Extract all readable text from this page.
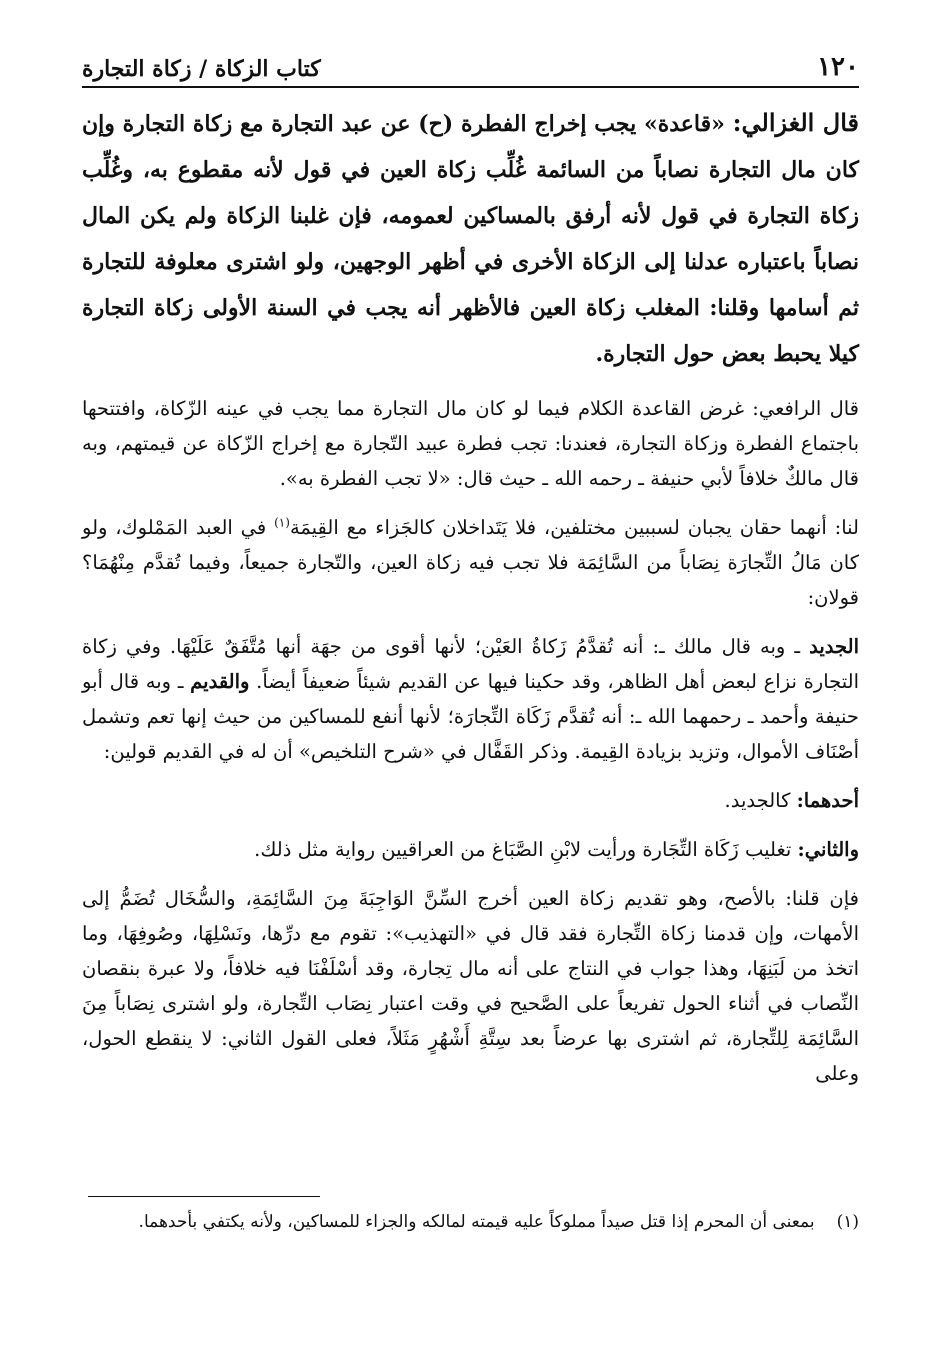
١٢٠
كتاب الزكاة / زكاة التجارة

قال الغزالي: «قاعدة» يجب إخراج الفطرة (ح) عن عبد التجارة مع زكاة التجارة وإن كان مال التجارة نصاباً من السائمة غُلِّب زكاة العين في قول لأنه مقطوع به، وغُلِّب زكاة التجارة في قول لأنه أرفق بالمساكين لعمومه، فإن غلبنا الزكاة ولم يكن المال نصاباً باعتباره عدلنا إلى الزكاة الأخرى في أظهر الوجهين، ولو اشترى معلوفة للتجارة ثم أسامها وقلنا: المغلب زكاة العين فالأظهر أنه يجب في السنة الأولى زكاة التجارة كيلا يحبط بعض حول التجارة.

قال الرافعي: غرض القاعدة الكلام فيما لو كان مال التجارة مما يجب في عينه الزّكاة، وافتتحها باجتماع الفطرة وزكاة التجارة، فعندنا: تجب فطرة عبيد التّجارة مع إخراج الزّكاة عن قيمتهم، وبه قال مالكٌ خلافاً لأبي حنيفة ـ رحمه الله ـ حيث قال: «لا تجب الفطرة به».

لنا: أنهما حقان يجبان لسببين مختلفين، فلا يَتَداخلان كالجَزاء مع القِيمَة$^{(١)}$ في العبد المَمْلوك، ولو كان مَالُ التِّجارَة نِصَاباً من السَّائِمَة فلا تجب فيه زكاة العين، والتّجارة جميعاً، وفيما تُقدَّم مِنْهُمَا؟ قولان:

الجديد ـ وبه قال مالك ـ: أنه تُقدَّمُ زَكاةُ العَيْن؛ لأنها أقوى من جهَة أنها مُتَّفَقٌ عَلَيْهَا. وفي زكاة التجارة نزاع لبعض أهل الظاهر، وقد حكينا فيها عن القديم شيئاً ضعيفاً أيضاً. والقديم ـ وبه قال أبو حنيفة وأحمد ـ رحمهما الله ـ: أنه تُقدَّم زَكَاة التِّجارَة؛ لأنها أنفع للمساكين من حيث إنها تعم وتشمل أصْنَاف الأموال، وتزيد بزيادة القِيمة. وذكر القَفَّال في «شرح التلخيص» أن له في القديم قولين:

أحدهما: كالجديد.

والثاني: تغليب زَكَاة التِّجَارة ورأيت لابْنِ الصَّبَاغ من العراقيين رواية مثل ذلك.

فإن قلنا: بالأصح، وهو تقديم زكاة العين أخرج السِّنَّ الوَاجِبَةَ مِنَ السَّائِمَةِ، والسُّخَال تُضَمُّ إلى الأمهات، وإن قدمنا زكاة التِّجارة فقد قال في «التهذيب»: تقوم مع درِّها، ونَسْلِهَا، وصُوفِهَا، وما اتخذ من لَبَنِهَا، وهذا جواب في النتاج على أنه مال تِجارة، وقد أسْلَفْنَا فيه خلافاً، ولا عبرة بنقصان النِّصاب في أثناء الحول تفريعاً على الصَّحيح في وقت اعتبار نِصَاب التِّجارة، ولو اشترى نِصَاباً مِنَ السَّائِمَة لِلتِّجارة، ثم اشترى بها عرضاً بعد سِتَّةِ أَشْهُرٍ مَثَلاً، فعلى القول الثاني: لا ينقطع الحول، وعلى

(١)
بمعنى أن المحرم إذا قتل صيداً مملوكاً عليه قيمته لمالكه والجزاء للمساكين، ولأنه يكتفي بأحدهما.
